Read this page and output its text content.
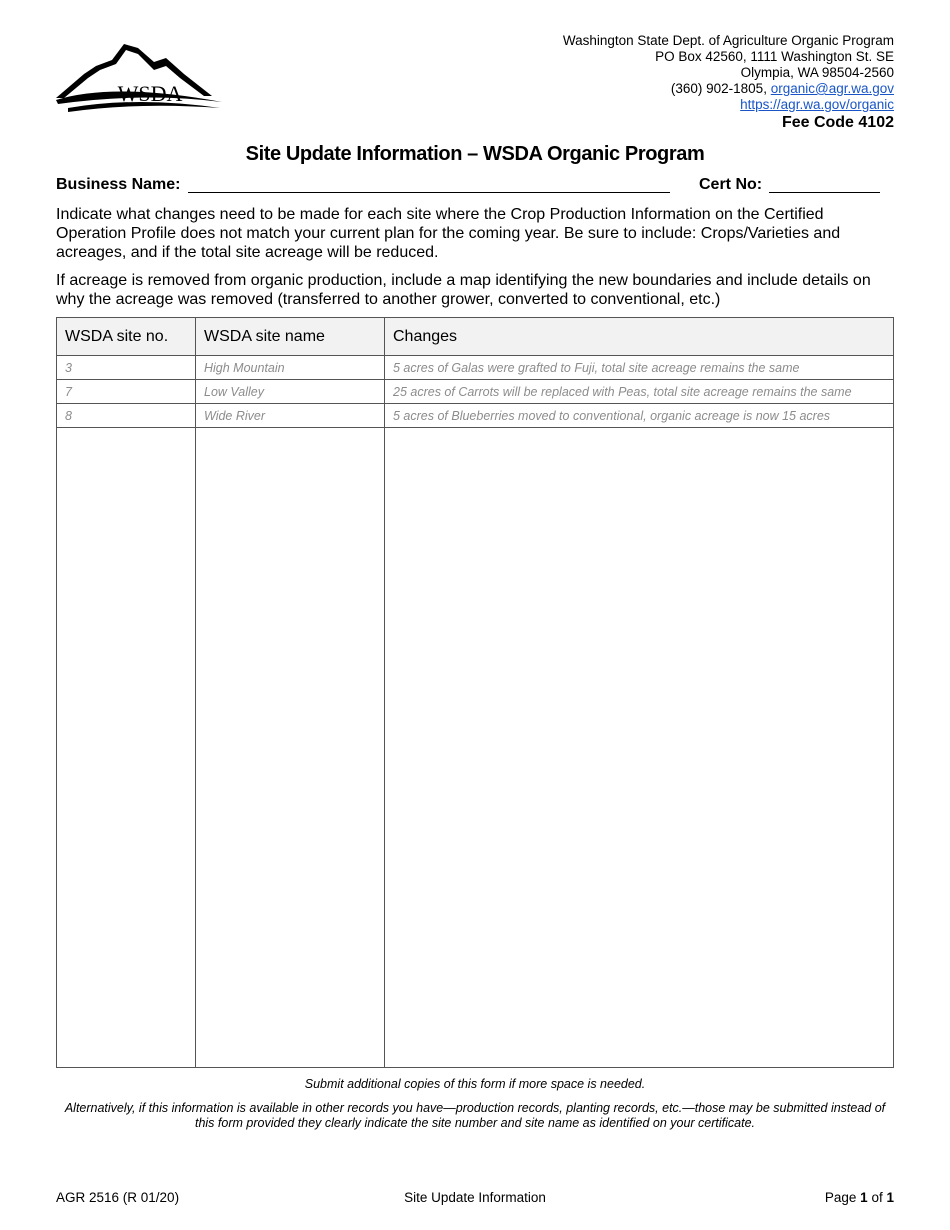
WSDA
Washington State Dept. of Agriculture Organic Program
PO Box 42560, 1111 Washington St. SE
Olympia, WA 98504-2560
(360) 902-1805, organic@agr.wa.gov
https://agr.wa.gov/organic
Fee Code 4102
Site Update Information – WSDA Organic Program
Business Name:	Cert No:
Indicate what changes need to be made for each site where the Crop Production Information on the Certified Operation Profile does not match your current plan for the coming year. Be sure to include: Crops/Varieties and acreages, and if the total site acreage will be reduced.
If acreage is removed from organic production, include a map identifying the new boundaries and include details on why the acreage was removed (transferred to another grower, converted to conventional, etc.)
WSDA site no.	WSDA site name	Changes
3	High Mountain	5 acres of Galas were grafted to Fuji, total site acreage remains the same
7	Low Valley	25 acres of Carrots will be replaced with Peas, total site acreage remains the same
8	Wide River	5 acres of Blueberries moved to conventional, organic acreage is now 15 acres

Submit additional copies of this form if more space is needed.
Alternatively, if this information is available in other records you have—production records, planting records, etc.—those may be submitted instead of this form provided they clearly indicate the site number and site name as identified on your certificate.
AGR 2516 (R 01/20)	Site Update Information	Page 1 of 1
